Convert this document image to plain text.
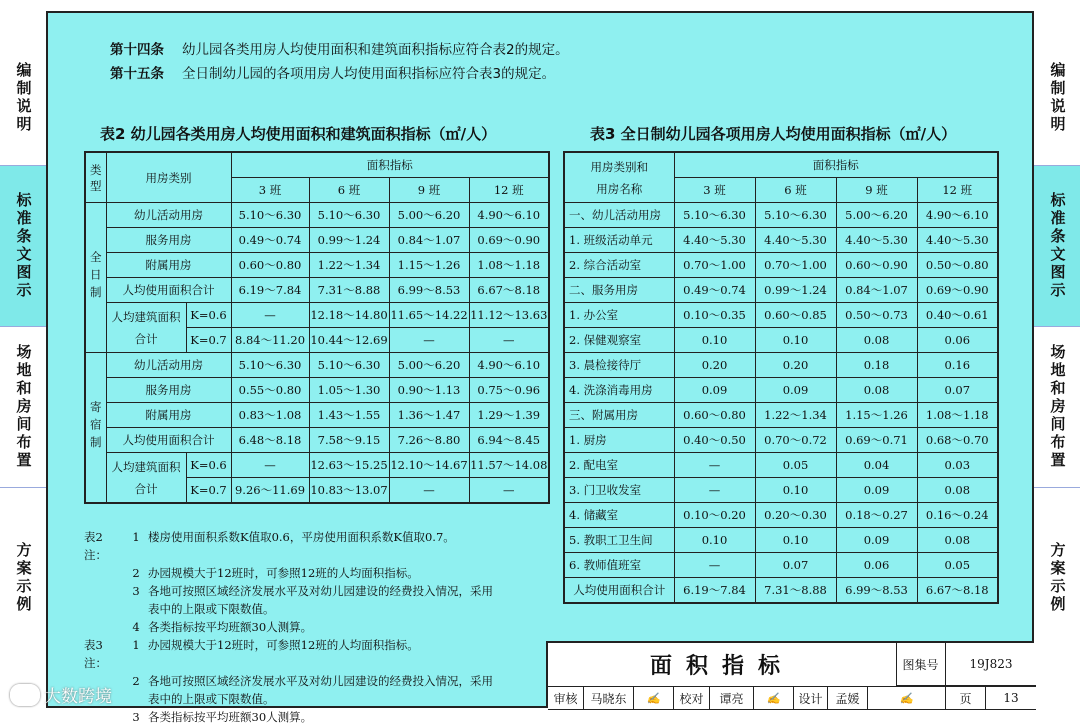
编制说明
标准条文图示
场地和房间布置
方案示例
编制说明
标准条文图示
场地和房间布置
方案示例
第十四条 幼儿园各类用房人均使用面积和建筑面积指标应符合表2的规定。
第十五条 全日制幼儿园的各项用房人均使用面积指标应符合表3的规定。
表2 幼儿园各类用房人均使用面积和建筑面积指标（㎡/人）	表3 全日制幼儿园各项用房人均使用面积指标（㎡/人）
类型	用房类别		面积指标			
			3 班	6 班	9 班	12 班
全日制	幼儿活动用房		5.10～6.30	5.10～6.30	5.00～6.20	4.90～6.10
	服务用房		0.49～0.74	0.99～1.24	0.84～1.07	0.69～0.90
	附属用房		0.60～0.80	1.22～1.34	1.15～1.26	1.08～1.18
	人均使用面积合计		6.19～7.84	7.31～8.88	6.99～8.53	6.67～8.18
	人均建筑面积合计	K=0.6	—	12.18～14.80	11.65～14.22	11.12～13.63
		K=0.7	8.84～11.20	10.44～12.69	—	—
寄宿制	幼儿活动用房		5.10～6.30	5.10～6.30	5.00～6.20	4.90～6.10
	服务用房		0.55～0.80	1.05～1.30	0.90～1.13	0.75～0.96
	附属用房		0.83～1.08	1.43～1.55	1.36～1.47	1.29～1.39
	人均使用面积合计		6.48～8.18	7.58～9.15	7.26～8.80	6.94～8.45
	人均建筑面积合计	K=0.6	—	12.63～15.25	12.10～14.67	11.57～14.08
		K=0.7	9.26～11.69	10.83～13.07	—	—
用房类别和用房名称	面积指标			
	3 班	6 班	9 班	12 班
一、幼儿活动用房	5.10～6.30	5.10～6.30	5.00～6.20	4.90～6.10
1. 班级活动单元	4.40～5.30	4.40～5.30	4.40～5.30	4.40～5.30
2. 综合活动室	0.70～1.00	0.70～1.00	0.60～0.90	0.50～0.80
二、服务用房	0.49～0.74	0.99～1.24	0.84～1.07	0.69～0.90
1. 办公室	0.10～0.35	0.60～0.85	0.50～0.73	0.40～0.61
2. 保健观察室	0.10	0.10	0.08	0.06
3. 晨检接待厅	0.20	0.20	0.18	0.16
4. 洗涤消毒用房	0.09	0.09	0.08	0.07
三、附属用房	0.60～0.80	1.22～1.34	1.15～1.26	1.08～1.18
1. 厨房	0.40～0.50	0.70～0.72	0.69～0.71	0.68～0.70
2. 配电室	—	0.05	0.04	0.03
3. 门卫收发室	—	0.10	0.09	0.08
4. 储藏室	0.10～0.20	0.20～0.30	0.18～0.27	0.16～0.24
5. 教职工卫生间	0.10	0.10	0.09	0.08
6. 教师值班室	—	0.07	0.06	0.05
人均使用面积合计	6.19～7.84	7.31～8.88	6.99～8.53	6.67～8.18
表2注：
1 楼房使用面积系数K值取0.6，平房使用面积系数K值取0.7。
2 办园规模大于12班时，可参照12班的人均面积指标。
3 各地可按照区域经济发展水平及对幼儿园建设的经费投入情况，采用
表中的上限或下限数值。
4 各类指标按平均班额30人测算。
表3注：
1 办园规模大于12班时，可参照12班的人均面积指标。
2 各地可按照区域经济发展水平及对幼儿园建设的经费投入情况，采用
表中的上限或下限数值。
3 各类指标按平均班额30人测算。
面积指标	图集号	19J823
审核	马晓东	✍	校对	谭亮	✍	设计	孟媛	✍	页	13
大数跨境
